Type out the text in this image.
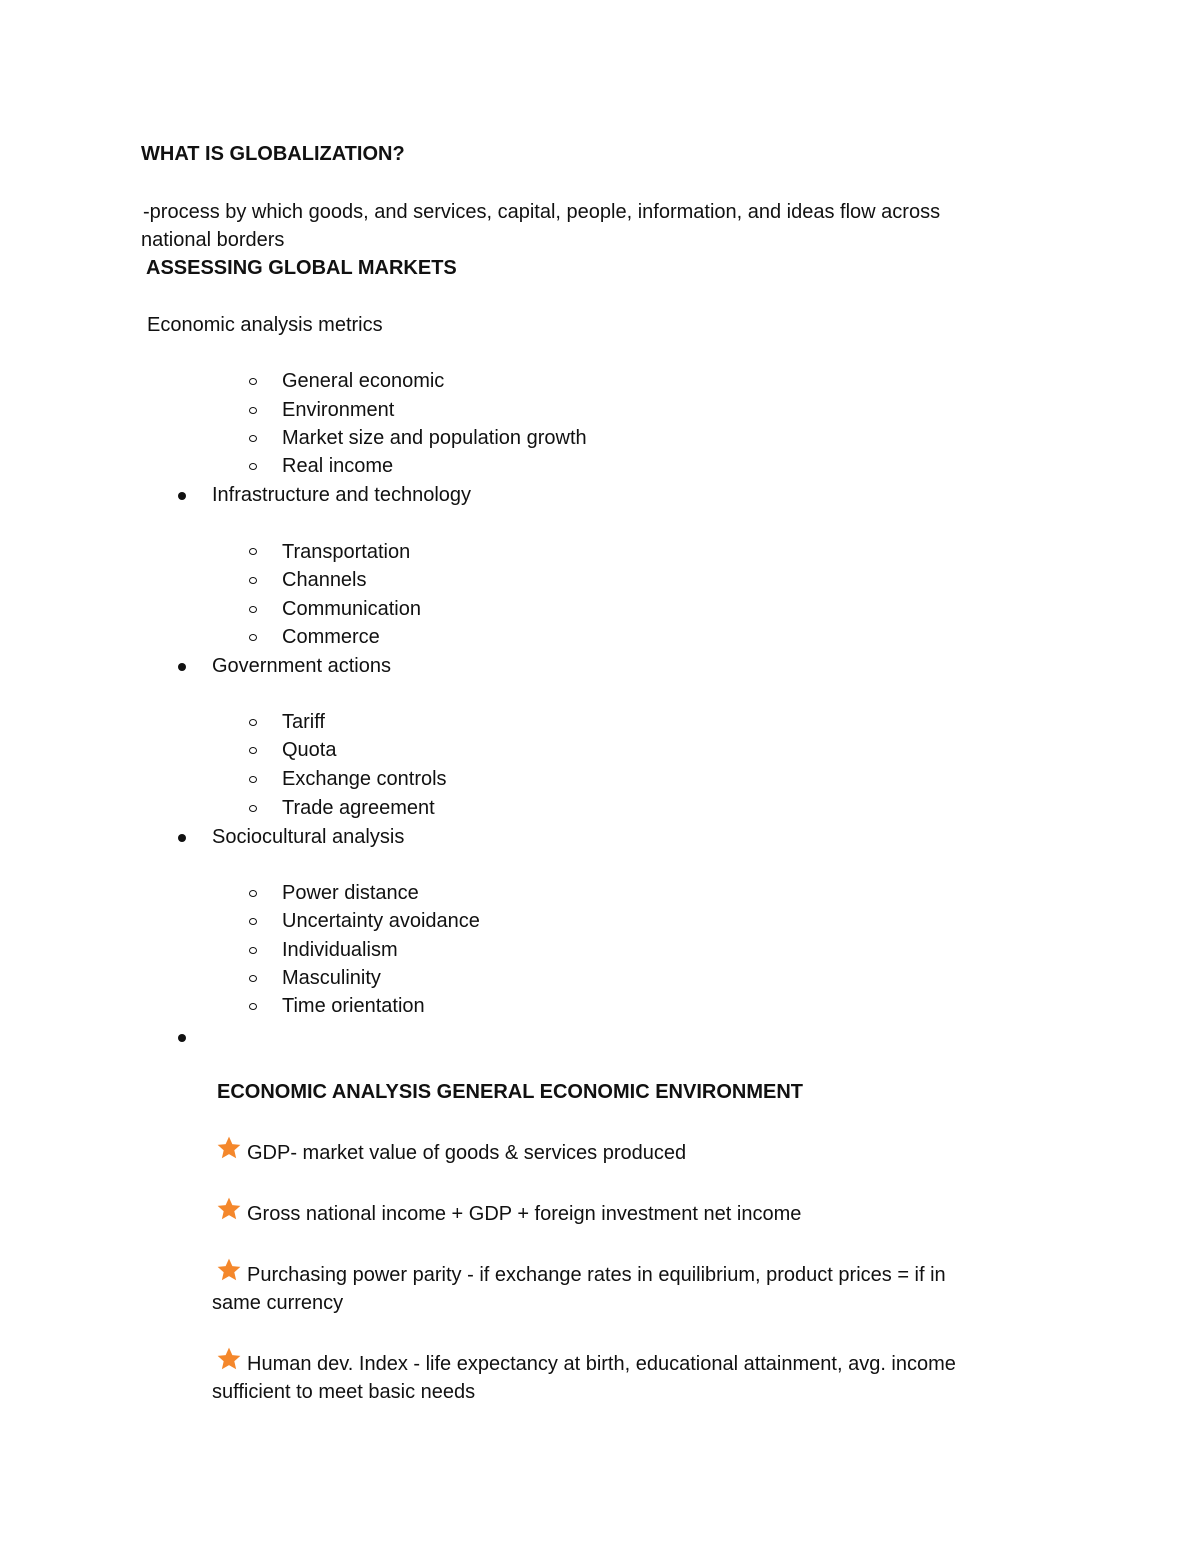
WHAT IS GLOBALIZATION?
-process by which goods, and services, capital, people, information, and ideas flow across
national borders
ASSESSING GLOBAL MARKETS
Economic analysis metrics
General economic
Environment
Market size and population growth
Real income
Infrastructure and technology
Transportation
Channels
Communication
Commerce
Government actions
Tariff
Quota
Exchange controls
Trade agreement
Sociocultural analysis
Power distance
Uncertainty avoidance
Individualism
Masculinity
Time orientation
ECONOMIC ANALYSIS GENERAL ECONOMIC ENVIRONMENT
GDP- market value of goods & services produced
Gross national income + GDP + foreign investment net income
Purchasing power parity - if exchange rates in equilibrium, product prices = if in
same currency
Human dev. Index - life expectancy at birth, educational attainment, avg. income
sufficient to meet basic needs
